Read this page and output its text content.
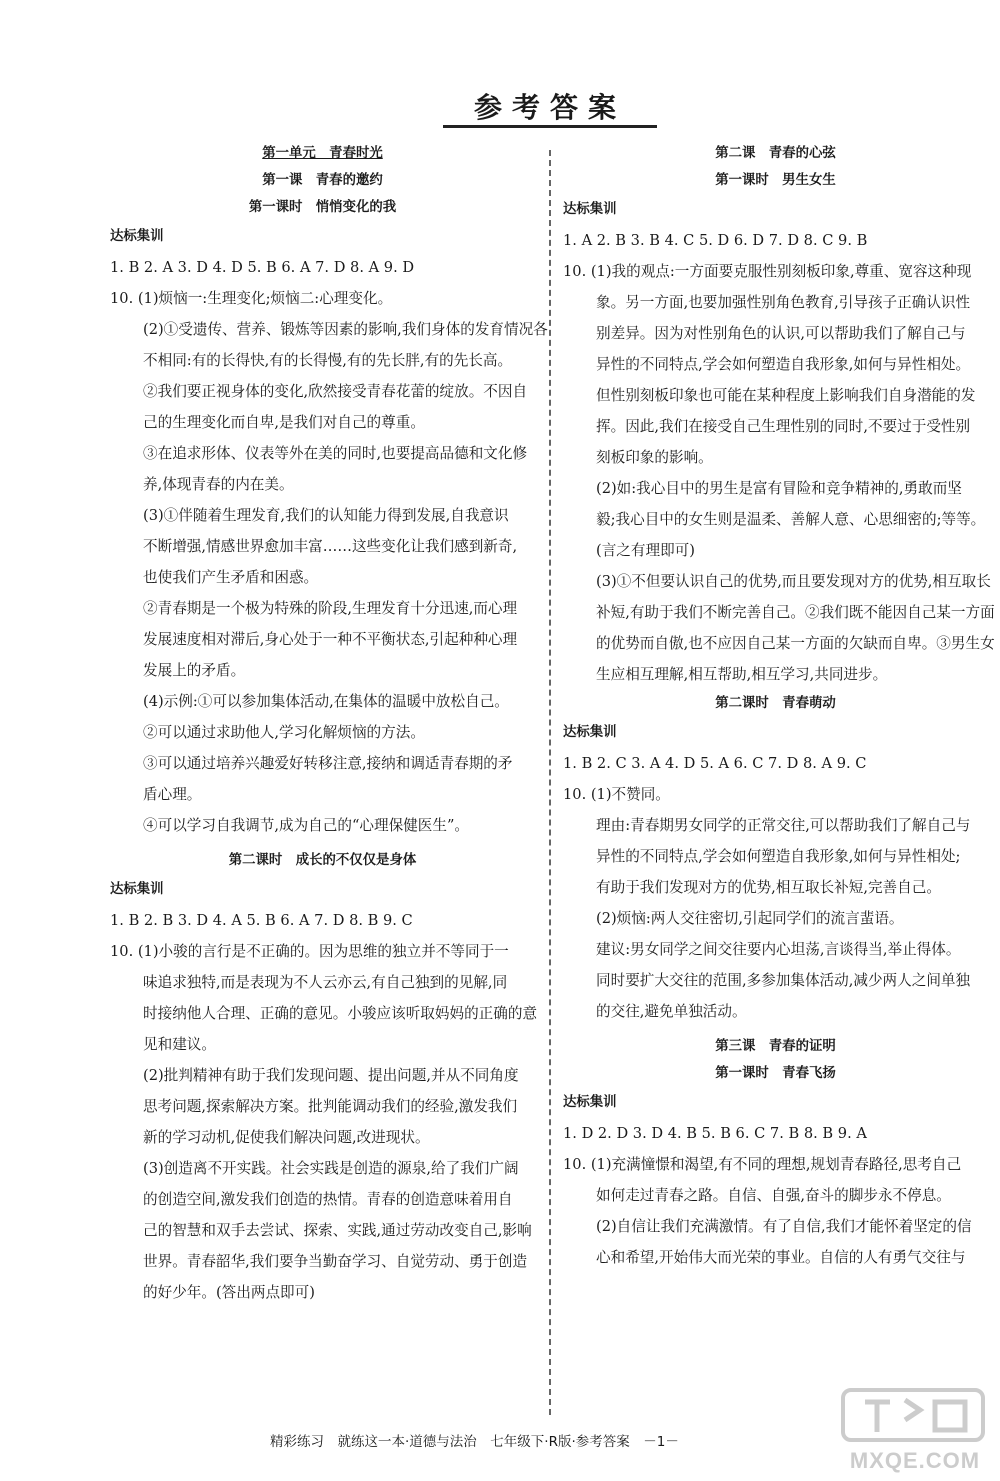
参考答案
第一单元　青春时光
第一课　青春的邀约
第一课时　悄悄变化的我
达标集训
1. B 2. A 3. D 4. D 5. B 6. A 7. D 8. A 9. D
10. (1)烦恼一:生理变化;烦恼二:心理变化。
(2)①受遗传、营养、锻炼等因素的影响,我们身体的发育情况各
不相同:有的长得快,有的长得慢,有的先长胖,有的先长高。
②我们要正视身体的变化,欣然接受青春花蕾的绽放。不因自
己的生理变化而自卑,是我们对自己的尊重。
③在追求形体、仪表等外在美的同时,也要提高品德和文化修
养,体现青春的内在美。
(3)①伴随着生理发育,我们的认知能力得到发展,自我意识
不断增强,情感世界愈加丰富……这些变化让我们感到新奇,
也使我们产生矛盾和困惑。
②青春期是一个极为特殊的阶段,生理发育十分迅速,而心理
发展速度相对滞后,身心处于一种不平衡状态,引起种种心理
发展上的矛盾。
(4)示例:①可以参加集体活动,在集体的温暖中放松自己。
②可以通过求助他人,学习化解烦恼的方法。
③可以通过培养兴趣爱好转移注意,接纳和调适青春期的矛
盾心理。
④可以学习自我调节,成为自己的“心理保健医生”。
第二课时　成长的不仅仅是身体
达标集训
1. B 2. B 3. D 4. A 5. B 6. A 7. D 8. B 9. C
10. (1)小骏的言行是不正确的。因为思维的独立并不等同于一
味追求独特,而是表现为不人云亦云,有自己独到的见解,同
时接纳他人合理、正确的意见。小骏应该听取妈妈的正确的意
见和建议。
(2)批判精神有助于我们发现问题、提出问题,并从不同角度
思考问题,探索解决方案。批判能调动我们的经验,激发我们
新的学习动机,促使我们解决问题,改进现状。
(3)创造离不开实践。社会实践是创造的源泉,给了我们广阔
的创造空间,激发我们创造的热情。青春的创造意味着用自
己的智慧和双手去尝试、探索、实践,通过劳动改变自己,影响
世界。青春韶华,我们要争当勤奋学习、自觉劳动、勇于创造
的好少年。(答出两点即可)
第二课　青春的心弦
第一课时　男生女生
达标集训
1. A 2. B 3. B 4. C 5. D 6. D 7. D 8. C 9. B
10. (1)我的观点:一方面要克服性别刻板印象,尊重、宽容这种现
象。另一方面,也要加强性别角色教育,引导孩子正确认识性
别差异。因为对性别角色的认识,可以帮助我们了解自己与
异性的不同特点,学会如何塑造自我形象,如何与异性相处。
但性别刻板印象也可能在某种程度上影响我们自身潜能的发
挥。因此,我们在接受自己生理性别的同时,不要过于受性别
刻板印象的影响。
(2)如:我心目中的男生是富有冒险和竞争精神的,勇敢而坚
毅;我心目中的女生则是温柔、善解人意、心思细密的;等等。
(言之有理即可)
(3)①不但要认识自己的优势,而且要发现对方的优势,相互取长
补短,有助于我们不断完善自己。②我们既不能因自己某一方面
的优势而自傲,也不应因自己某一方面的欠缺而自卑。③男生女
生应相互理解,相互帮助,相互学习,共同进步。
第二课时　青春萌动
达标集训
1. B 2. C 3. A 4. D 5. A 6. C 7. D 8. A 9. C
10. (1)不赞同。
理由:青春期男女同学的正常交往,可以帮助我们了解自己与
异性的不同特点,学会如何塑造自我形象,如何与异性相处;
有助于我们发现对方的优势,相互取长补短,完善自己。
(2)烦恼:两人交往密切,引起同学们的流言蜚语。
建议:男女同学之间交往要内心坦荡,言谈得当,举止得体。
同时要扩大交往的范围,多参加集体活动,减少两人之间单独
的交往,避免单独活动。
第三课　青春的证明
第一课时　青春飞扬
达标集训
1. D 2. D 3. D 4. B 5. B 6. C 7. B 8. B 9. A
10. (1)充满憧憬和渴望,有不同的理想,规划青春路径,思考自己
如何走过青春之路。自信、自强,奋斗的脚步永不停息。
(2)自信让我们充满激情。有了自信,我们才能怀着坚定的信
心和希望,开始伟大而光荣的事业。自信的人有勇气交往与
精彩练习　就练这一本·道德与法治　七年级下·R版·参考答案　－1－
MXQE.COM
